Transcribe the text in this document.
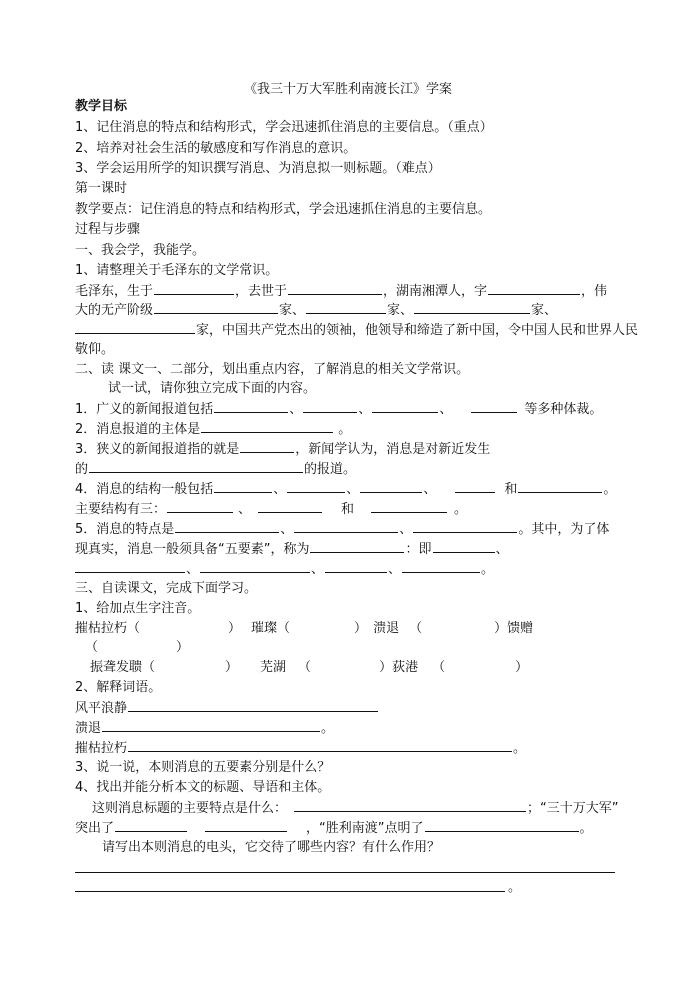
《我三十万大军胜利南渡长江》学案
教学目标
1、记住消息的特点和结构形式，学会迅速抓住消息的主要信息。（重点）
2、培养对社会生活的敏感度和写作消息的意识。
3、学会运用所学的知识撰写消息、为消息拟一则标题。（难点）
第一课时
教学要点：记住消息的特点和结构形式，学会迅速抓住消息的主要信息。
过程与步骤
一、我会学，我能学。
1、请整理关于毛泽东的文学常识。
毛泽东，生于	，去世于	，湖南湘潭人，字	，伟
大的无产阶级	家、	家、	家、
家，中国共产党杰出的领袖，他领导和缔造了新中国，令中国人民和世界人民
敬仰。
二、读 课文一、二部分，划出重点内容，了解消息的相关文学常识。
试一试，请你独立完成下面的内容。
1．广义的新闻报道包括	、	、	、	等多种体裁。
2．消息报道的主体是	。
3．狭义的新闻报道指的就是	，新闻学认为，消息是对新近发生
的	的报道。
4．消息的结构一般包括	、	、	、	和	。
主要结构有三：	、	和	。
5．消息的特点是	、	、	。其中，为了体
现真实，消息一般须具备“五要素”，称为	：即	、
、	、	、	。
三、自读课文，完成下面学习。
1、给加点生字注音。
摧枯拉朽（	） 璀璨（	） 溃退 （	）馈赠
（	）
振聋发聩（	） 芜湖 （	）荻港 （	）
2、解释词语。
风平浪静
溃退	。
摧枯拉朽	。
3、说一说，本则消息的五要素分别是什么？
4、找出并能分析本文的标题、导语和主体。
这则消息标题的主要特点是什么：	；“三十万大军”
突出了	，“胜利南渡”点明了	。
请写出本则消息的电头，它交待了哪些内容？有什么作用？
。
